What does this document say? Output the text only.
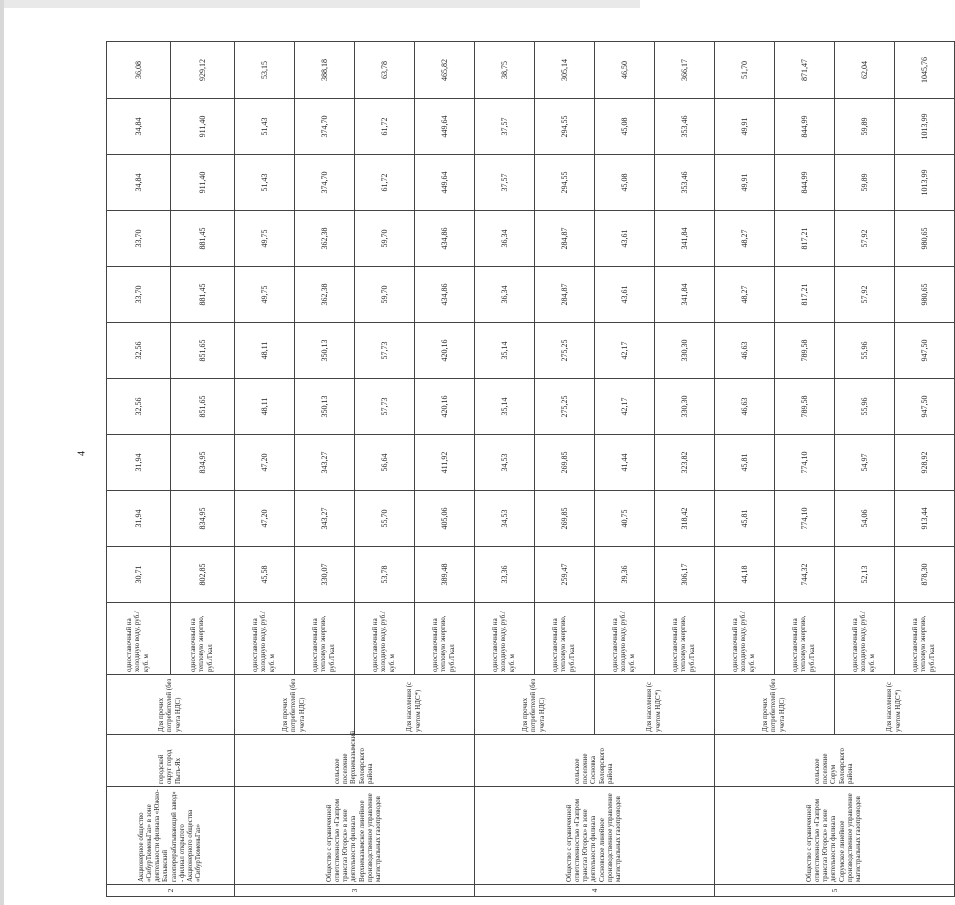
4
2	Акционерное общество «СибурТюменьГаз» в зоне деятельности филиала «Южно-Балыкский газоперерабатывающий завод» - филиал открытого Акционерного общества «СибурТюменьГаз»	городской округ город Пыть-Ях	Для прочих потребителей (без учета НДС)	одноставочный на холодную воду, руб./куб. м	30,71	31,94	31,94	32,56	32,56	33,70	33,70	34,84	34,84	36,08
				одноставочный на тепловую энергию, руб./Гкал	802,85	834,95	834,95	851,65	851,65	881,45	881,45	911,40	911,40	929,12
3	Общество с ограниченной ответственностью «Газпром трансгаз Югорск» в зоне деятельности филиала Верхнеказымское линейное производственное управление магистральных газопроводов	сельское поселение Верхнеказымский Белоярского района	Для прочих потребителей (без учета НДС)	одноставочный на холодную воду, руб./куб. м	45,58	47,20	47,20	48,11	48,11	49,75	49,75	51,43	51,43	53,15
				одноставочный на тепловую энергию, руб./Гкал	330,07	343,27	343,27	350,13	350,13	362,38	362,38	374,70	374,70	388,18
			Для населения (с учетом НДС*)	одноставочный на холодную воду, руб./куб. м	53,78	55,70	56,64	57,73	57,73	59,70	59,70	61,72	61,72	63,78
				одноставочный на тепловую энергию, руб./Гкал	389,48	405,06	411,92	420,16	420,16	434,86	434,86	449,64	449,64	465,82
4	Общество с ограниченной ответственностью «Газпром трансгаз Югорск» в зоне деятельности филиала Сосновское линейное производственное управление магистральных газопроводов	сельское поселение Сосновка Белоярского района	Для прочих потребителей (без учета НДС)	одноставочный на холодную воду, руб./куб. м	33,36	34,53	34,53	35,14	35,14	36,34	36,34	37,57	37,57	38,75
				одноставочный на тепловую энергию, руб./Гкал	259,47	269,85	269,85	275,25	275,25	284,87	284,87	294,55	294,55	305,14
			Для населения (с учетом НДС*)	одноставочный на холодную воду, руб./куб. м	39,36	40,75	41,44	42,17	42,17	43,61	43,61	45,08	45,08	46,50
				одноставочный на тепловую энергию, руб./Гкал	306,17	318,42	323,82	330,30	330,30	341,84	341,84	353,46	353,46	366,17
5	Общество с ограниченной ответственностью «Газпром трансгаз Югорск» в зоне деятельности филиала Сорумское линейное производственное управление магистральных газопроводов	сельское поселение Сорум Белоярского района	Для прочих потребителей (без учета НДС)	одноставочный на холодную воду, руб./куб. м	44,18	45,81	45,81	46,63	46,63	48,27	48,27	49,91	49,91	51,70
				одноставочный на тепловую энергию, руб./Гкал	744,32	774,10	774,10	789,58	789,58	817,21	817,21	844,99	844,99	871,47
			Для населения (с учетом НДС*)	одноставочный на холодную воду, руб./куб. м	52,13	54,06	54,97	55,96	55,96	57,92	57,92	59,89	59,89	62,04
				одноставочный на тепловую энергию, руб./Гкал	878,30	913,44	928,92	947,50	947,50	980,65	980,65	1013,99	1013,99	1045,76
